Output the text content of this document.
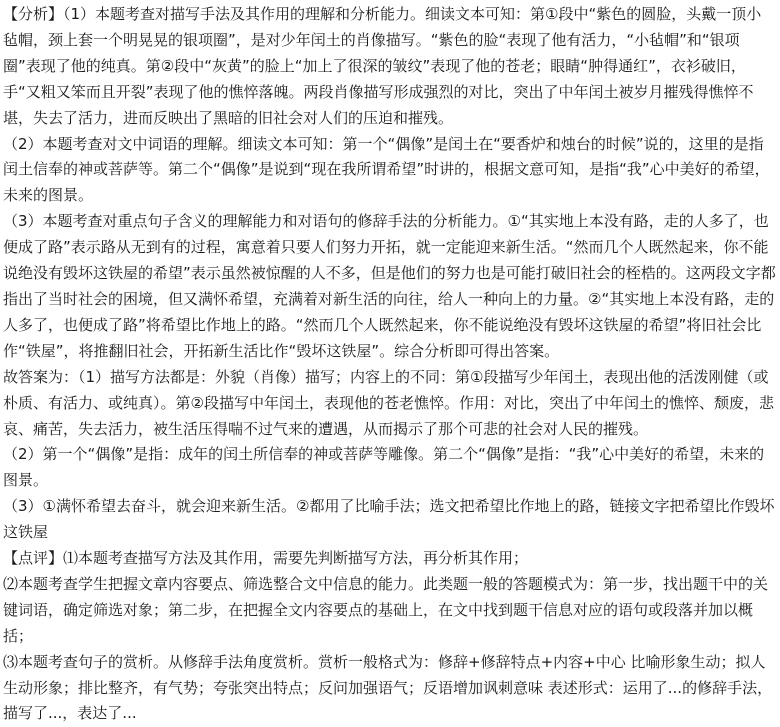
【分析】（1）本题考查对描写手法及其作用的理解和分析能力。细读文本可知：第①段中“紫色的圆脸，头戴一顶小毡帽，颈上套一个明晃晃的银项圈”，是对少年闰土的肖像描写。“紫色的脸“表现了他有活力，“小毡帽”和“银项圈”表现了他的纯真。第②段中“灰黄”的脸上“加上了很深的皱纹”表现了他的苍老；眼睛“肿得通红”，衣衫破旧，手“又粗又笨而且开裂”表现了他的憔悴落魄。两段肖像描写形成强烈的对比，突出了中年闰土被岁月摧残得憔悴不堪，失去了活力，进而反映出了黑暗的旧社会对人们的压迫和摧残。

（2）本题考查对文中词语的理解。细读文本可知：第一个“偶像”是闰土在“要香炉和烛台的时候”说的，这里的是指闰土信奉的神或菩萨等。第二个“偶像”是说到“现在我所谓希望”时讲的，根据文意可知，是指“我”心中美好的希望，未来的图景。

（3）本题考查对重点句子含义的理解能力和对语句的修辞手法的分析能力。①“其实地上本没有路，走的人多了，也便成了路”表示路从无到有的过程，寓意着只要人们努力开拓，就一定能迎来新生活。“然而几个人既然起来，你不能说绝没有毁坏这铁屋的希望”表示虽然被惊醒的人不多，但是他们的努力也是可能打破旧社会的桎梏的。这两段文字都指出了当时社会的困境，但又满怀希望，充满着对新生活的向往，给人一种向上的力量。②“其实地上本没有路，走的人多了，也便成了路”将希望比作地上的路。“然而几个人既然起来，你不能说绝没有毁坏这铁屋的希望”将旧社会比作“铁屋”，将推翻旧社会，开拓新生活比作“毁坏这铁屋”。综合分析即可得出答案。

故答案为：（1）描写方法都是：外貌（肖像）描写；内容上的不同：第①段描写少年闰土，表现出他的活泼刚健（或朴质、有活力、或纯真）。第②段描写中年闰土，表现他的苍老憔悴。作用：对比，突出了中年闰土的憔悴、颓废，悲哀、痛苦，失去活力，被生活压得喘不过气来的遭遇，从而揭示了那个可悲的社会对人民的摧残。

（2）第一个“偶像”是指：成年的闰土所信奉的神或菩萨等雕像。第二个“偶像”是指：“我”心中美好的希望，未来的图景。

（3）①满怀希望去奋斗，就会迎来新生活。②都用了比喻手法；选文把希望比作地上的路，链接文字把希望比作毁坏这铁屋

【点评】⑴本题考查描写方法及其作用，需要先判断描写方法，再分析其作用；

⑵本题考查学生把握文章内容要点、筛选整合文中信息的能力。此类题一般的答题模式为：第一步，找出题干中的关键词语，确定筛选对象；第二步，在把握全文内容要点的基础上，在文中找到题干信息对应的语句或段落并加以概括；

⑶本题考查句子的赏析。从修辞手法角度赏析。赏析一般格式为：修辞+修辞特点+内容+中心 比喻形象生动；拟人生动形象；排比整齐，有气势；夸张突出特点；反问加强语气；反语增加讽刺意味 表述形式：运用了...的修辞手法，描写了...，表达了...
